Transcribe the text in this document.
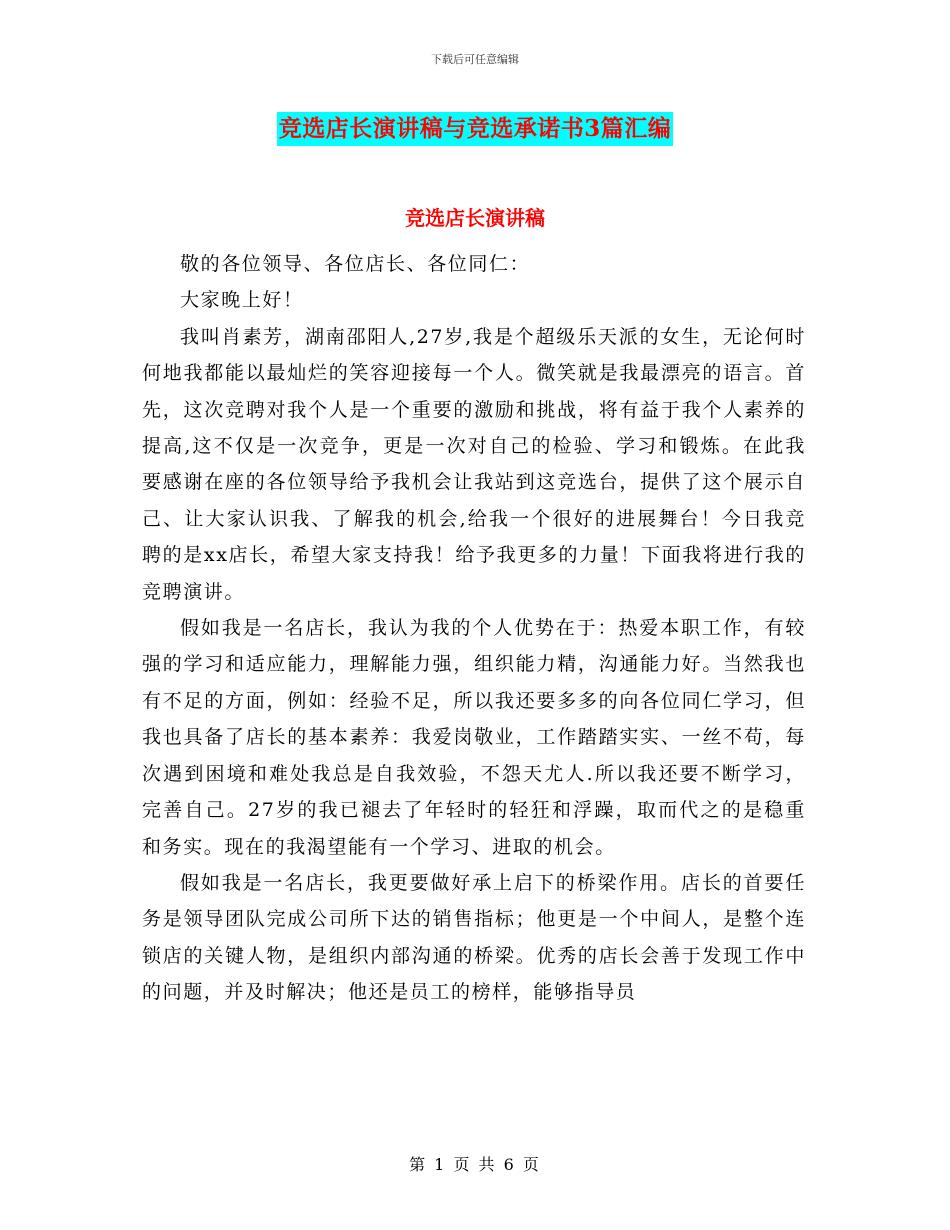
下载后可任意编辑
竞选店长演讲稿与竞选承诺书3篇汇编
竞选店长演讲稿

敬的各位领导、各位店长、各位同仁：

大家晚上好！

我叫肖素芳，湖南邵阳人,27岁,我是个超级乐天派的女生，无论何时何地我都能以最灿烂的笑容迎接每一个人。微笑就是我最漂亮的语言。首先，这次竞聘对我个人是一个重要的激励和挑战，将有益于我个人素养的提高,这不仅是一次竞争，更是一次对自己的检验、学习和锻炼。在此我要感谢在座的各位领导给予我机会让我站到这竞选台，提供了这个展示自己、让大家认识我、了解我的机会,给我一个很好的进展舞台！今日我竞聘的是xx店长，希望大家支持我！给予我更多的力量！下面我将进行我的竞聘演讲。

假如我是一名店长，我认为我的个人优势在于：热爱本职工作，有较强的学习和适应能力，理解能力强，组织能力精，沟通能力好。当然我也有不足的方面，例如：经验不足，所以我还要多多的向各位同仁学习，但我也具备了店长的基本素养：我爱岗敬业，工作踏踏实实、一丝不苟，每次遇到困境和难处我总是自我效验，不怨天尤人.所以我还要不断学习，完善自己。27岁的我已褪去了年轻时的轻狂和浮躁，取而代之的是稳重和务实。现在的我渴望能有一个学习、进取的机会。

假如我是一名店长，我更要做好承上启下的桥梁作用。店长的首要任务是领导团队完成公司所下达的销售指标；他更是一个中间人，是整个连锁店的关键人物，是组织内部沟通的桥梁。优秀的店长会善于发现工作中的问题，并及时解决；他还是员工的榜样，能够指导员

第 1 页 共 6 页
